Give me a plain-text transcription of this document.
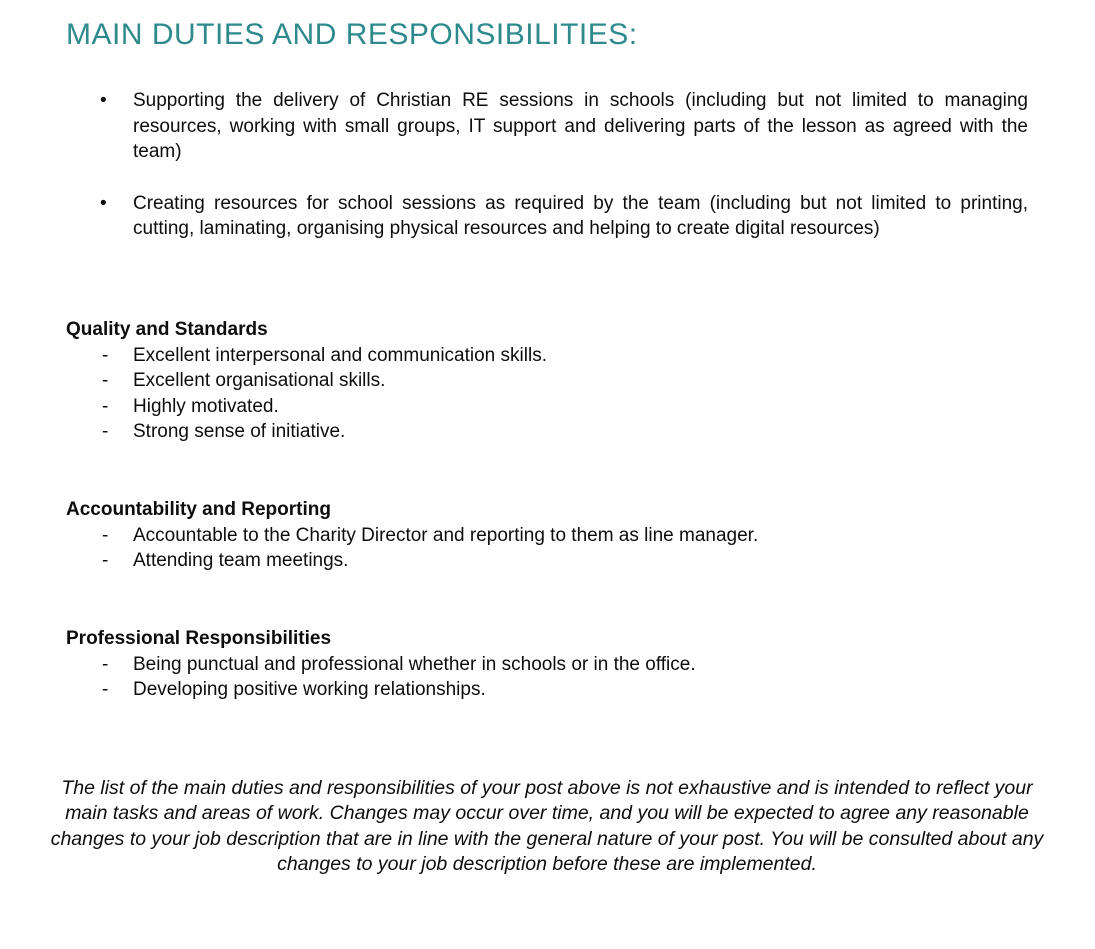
MAIN DUTIES AND RESPONSIBILITIES:
• Supporting the delivery of Christian RE sessions in schools (including but not limited to managing resources, working with small groups, IT support and delivering parts of the lesson as agreed with the team)
• Creating resources for school sessions as required by the team (including but not limited to printing, cutting, laminating, organising physical resources and helping to create digital resources)

Quality and Standards

- Excellent interpersonal and communication skills.
- Excellent organisational skills.
- Highly motivated.
- Strong sense of initiative.

Accountability and Reporting

- Accountable to the Charity Director and reporting to them as line manager.
- Attending team meetings.

Professional Responsibilities

- Being punctual and professional whether in schools or in the office.
- Developing positive working relationships.

The list of the main duties and responsibilities of your post above is not exhaustive and is intended to reflect your main tasks and areas of work. Changes may occur over time, and you will be expected to agree any reasonable changes to your job description that are in line with the general nature of your post. You will be consulted about any changes to your job description before these are implemented.
